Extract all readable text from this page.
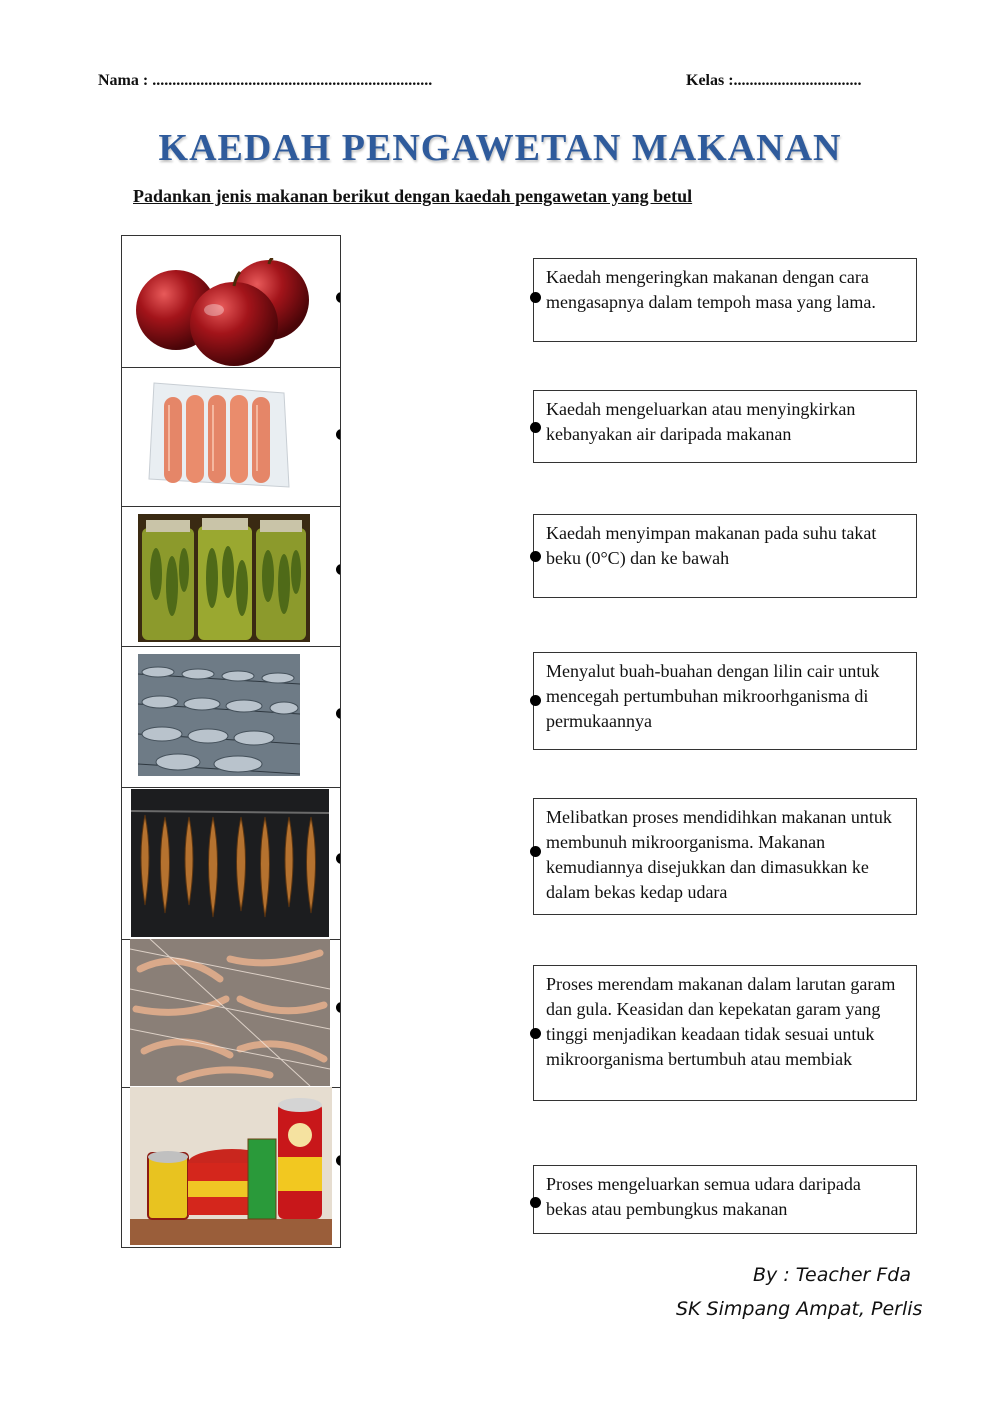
Nama : ......................................................................	Kelas :................................
KAEDAH PENGAWETAN MAKANAN
Padankan jenis makanan berikut dengan kaedah pengawetan yang betul
Kaedah mengeringkan makanan dengan cara mengasapnya dalam tempoh masa yang lama.
Kaedah mengeluarkan atau menyingkirkan kebanyakan air daripada makanan
Kaedah menyimpan makanan pada suhu takat beku (0°C) dan ke bawah
Menyalut buah-buahan dengan lilin cair untuk mencegah pertumbuhan mikroorhganisma di permukaannya
Melibatkan proses mendidihkan makanan untuk membunuh mikroorganisma. Makanan kemudiannya disejukkan dan dimasukkan ke dalam bekas kedap udara
Proses merendam makanan dalam larutan garam dan gula. Keasidan dan kepekatan garam yang tinggi menjadikan keadaan tidak sesuai untuk mikroorganisma bertumbuh atau membiak
Proses mengeluarkan semua udara daripada bekas atau pembungkus makanan
By : Teacher Fda
SK Simpang Ampat, Perlis
